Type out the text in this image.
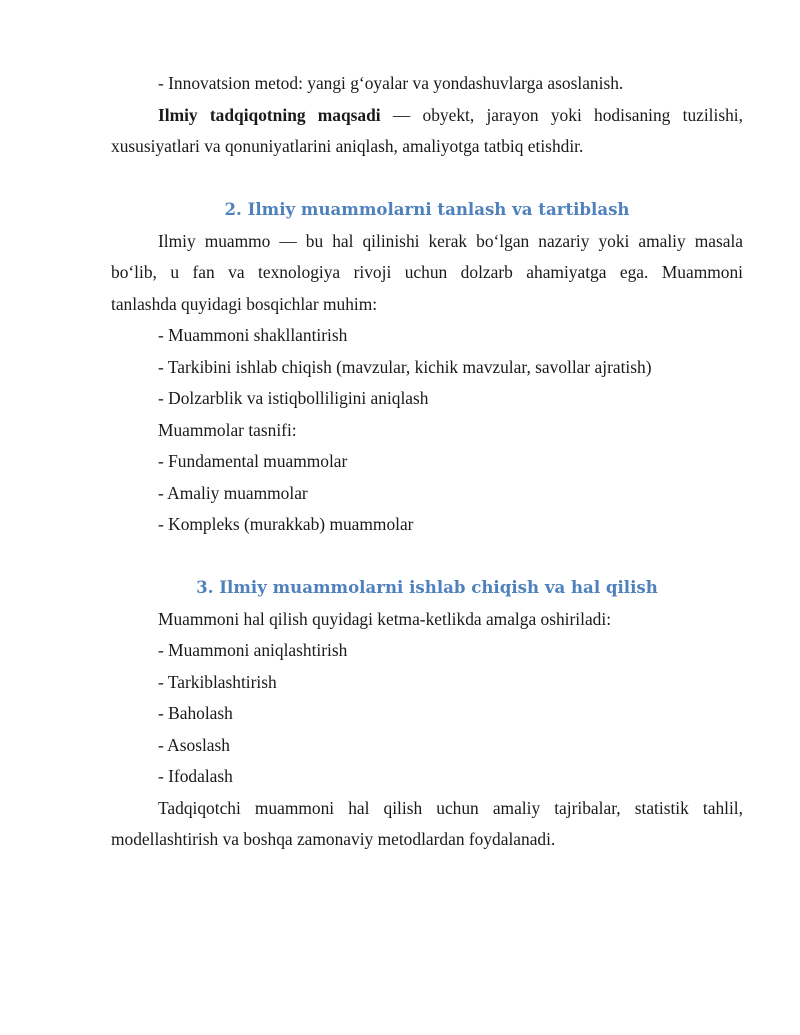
- Innovatsion metod: yangi g‘oyalar va yondashuvlarga asoslanish.

Ilmiy tadqiqotning maqsadi — obyekt, jarayon yoki hodisaning tuzilishi,

xususiyatlari va qonuniyatlarini aniqlash, amaliyotga tatbiq etishdir.

2. Ilmiy muammolarni tanlash va tartiblash

Ilmiy muammo — bu hal qilinishi kerak bo‘lgan nazariy yoki amaliy masala

bo‘lib, u fan va texnologiya rivoji uchun dolzarb ahamiyatga ega. Muammoni

tanlashda quyidagi bosqichlar muhim:

- Muammoni shakllantirish

- Tarkibini ishlab chiqish (mavzular, kichik mavzular, savollar ajratish)

- Dolzarblik va istiqbolliligini aniqlash

Muammolar tasnifi:

- Fundamental muammolar

- Amaliy muammolar

- Kompleks (murakkab) muammolar

3. Ilmiy muammolarni ishlab chiqish va hal qilish

Muammoni hal qilish quyidagi ketma-ketlikda amalga oshiriladi:

- Muammoni aniqlashtirish

- Tarkiblashtirish

- Baholash

- Asoslash

- Ifodalash

Tadqiqotchi muammoni hal qilish uchun amaliy tajribalar, statistik tahlil,

modellashtirish va boshqa zamonaviy metodlardan foydalanadi.
